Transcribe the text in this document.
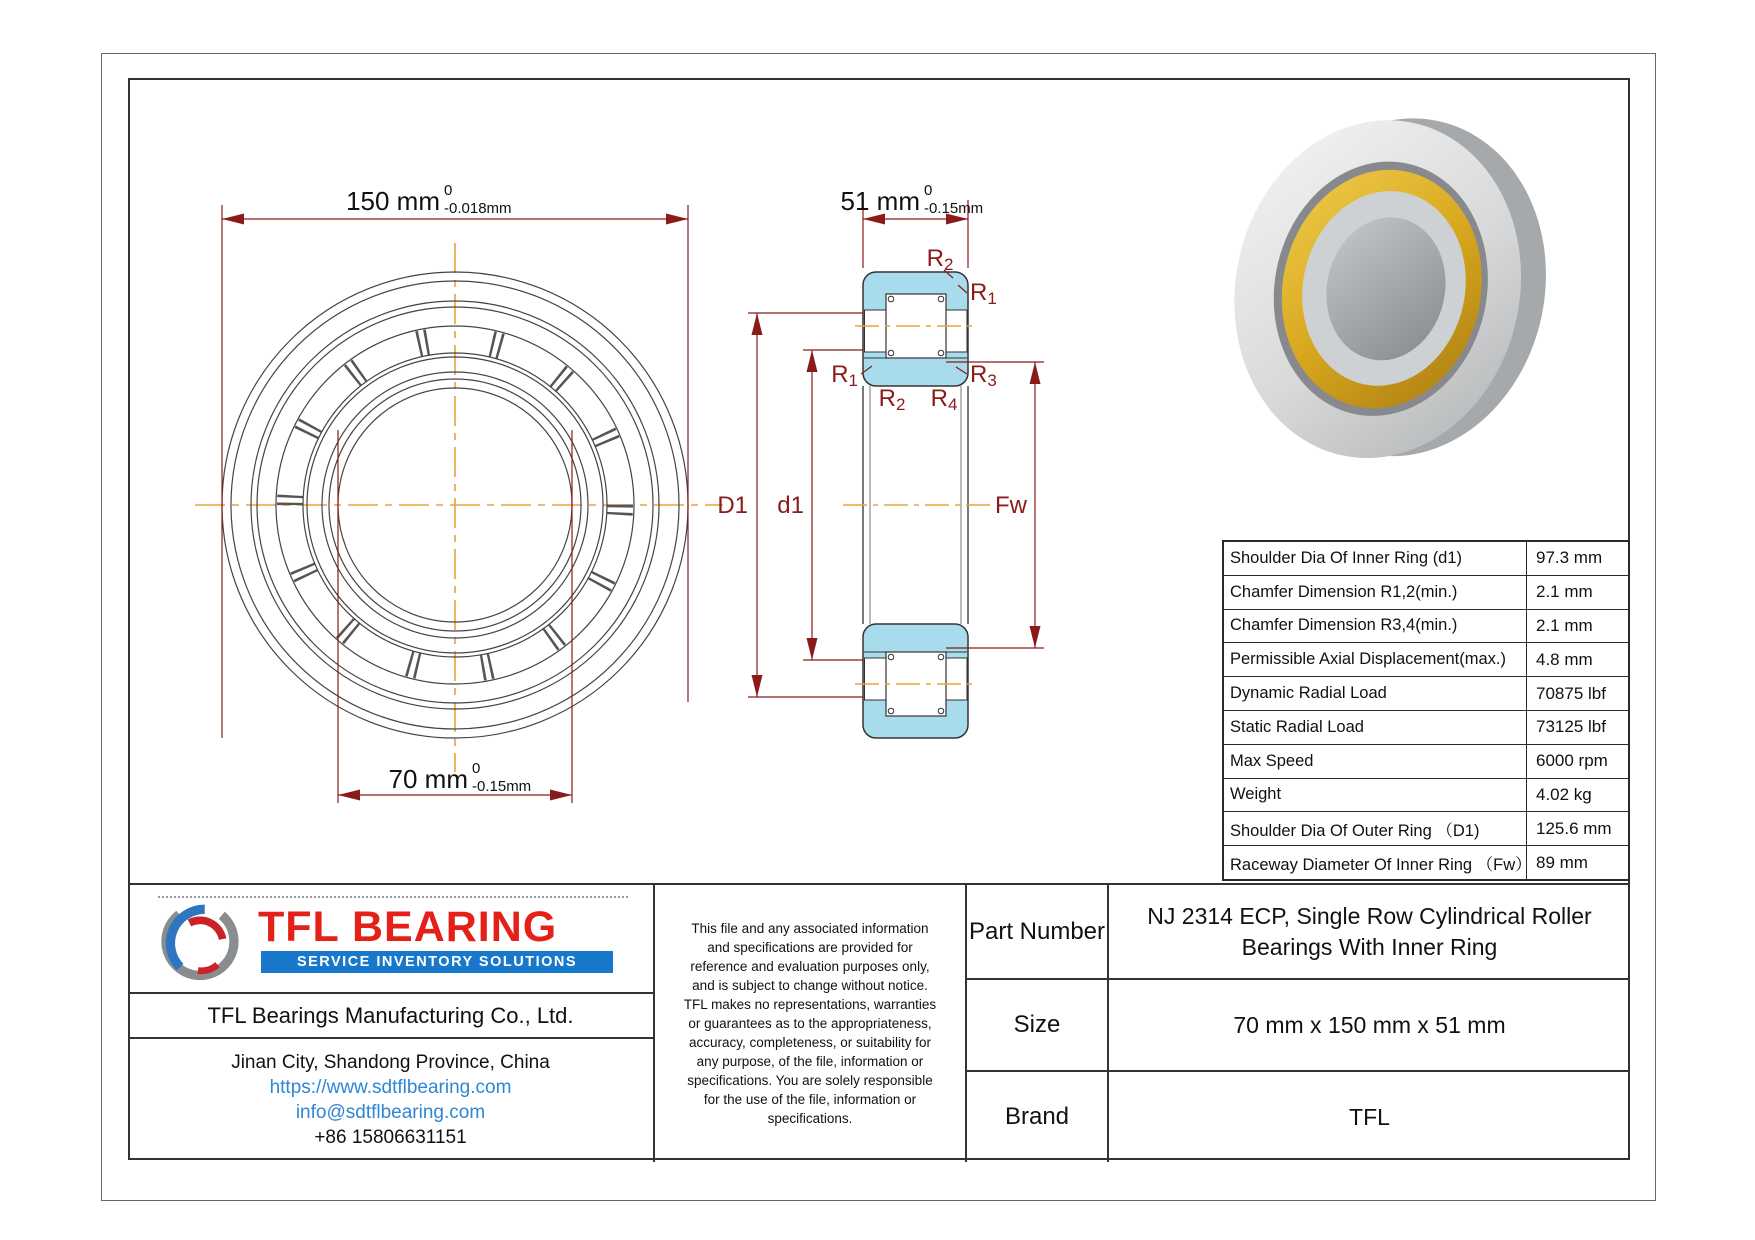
150 mm 0
-0.018mm
70 mm 0
-0.15mm
51 mm 0
-0.15mm
D1 d1	Fw
R2
R1
R1	R3
R2 R4
Shoulder Dia Of Inner Ring (d1)	97.3 mm
Chamfer Dimension R1,2(min.)	2.1 mm
Chamfer Dimension R3,4(min.)	2.1 mm
Permissible Axial Displacement(max.)	4.8 mm
Dynamic Radial Load	70875 lbf
Static Radial Load	73125 lbf
Max Speed	6000 rpm
Weight	4.02 kg
Shoulder Dia Of Outer Ring （D1)	125.6 mm
Raceway Diameter Of Inner Ring （Fw） 89 mm
TFL BEARING
SERVICE INVENTORY SOLUTIONS
TFL Bearings Manufacturing Co., Ltd.
Jinan City, Shandong Province, China
https://www.sdtflbearing.com
info@sdtflbearing.com
+86 15806631151
This file and any associated information
and specifications are provided for
reference and evaluation purposes only,
and is subject to change without notice.
TFL makes no representations, warranties
or guarantees as to the appropriateness,
accuracy, completeness, or suitability for
any purpose, of the file, information or
specifications. You are solely responsible
for the use of the file, information or
specifications.
Part Number
NJ 2314 ECP, Single Row Cylindrical Roller Bearings With Inner Ring
Size	70 mm x 150 mm x 51 mm
Brand	TFL
